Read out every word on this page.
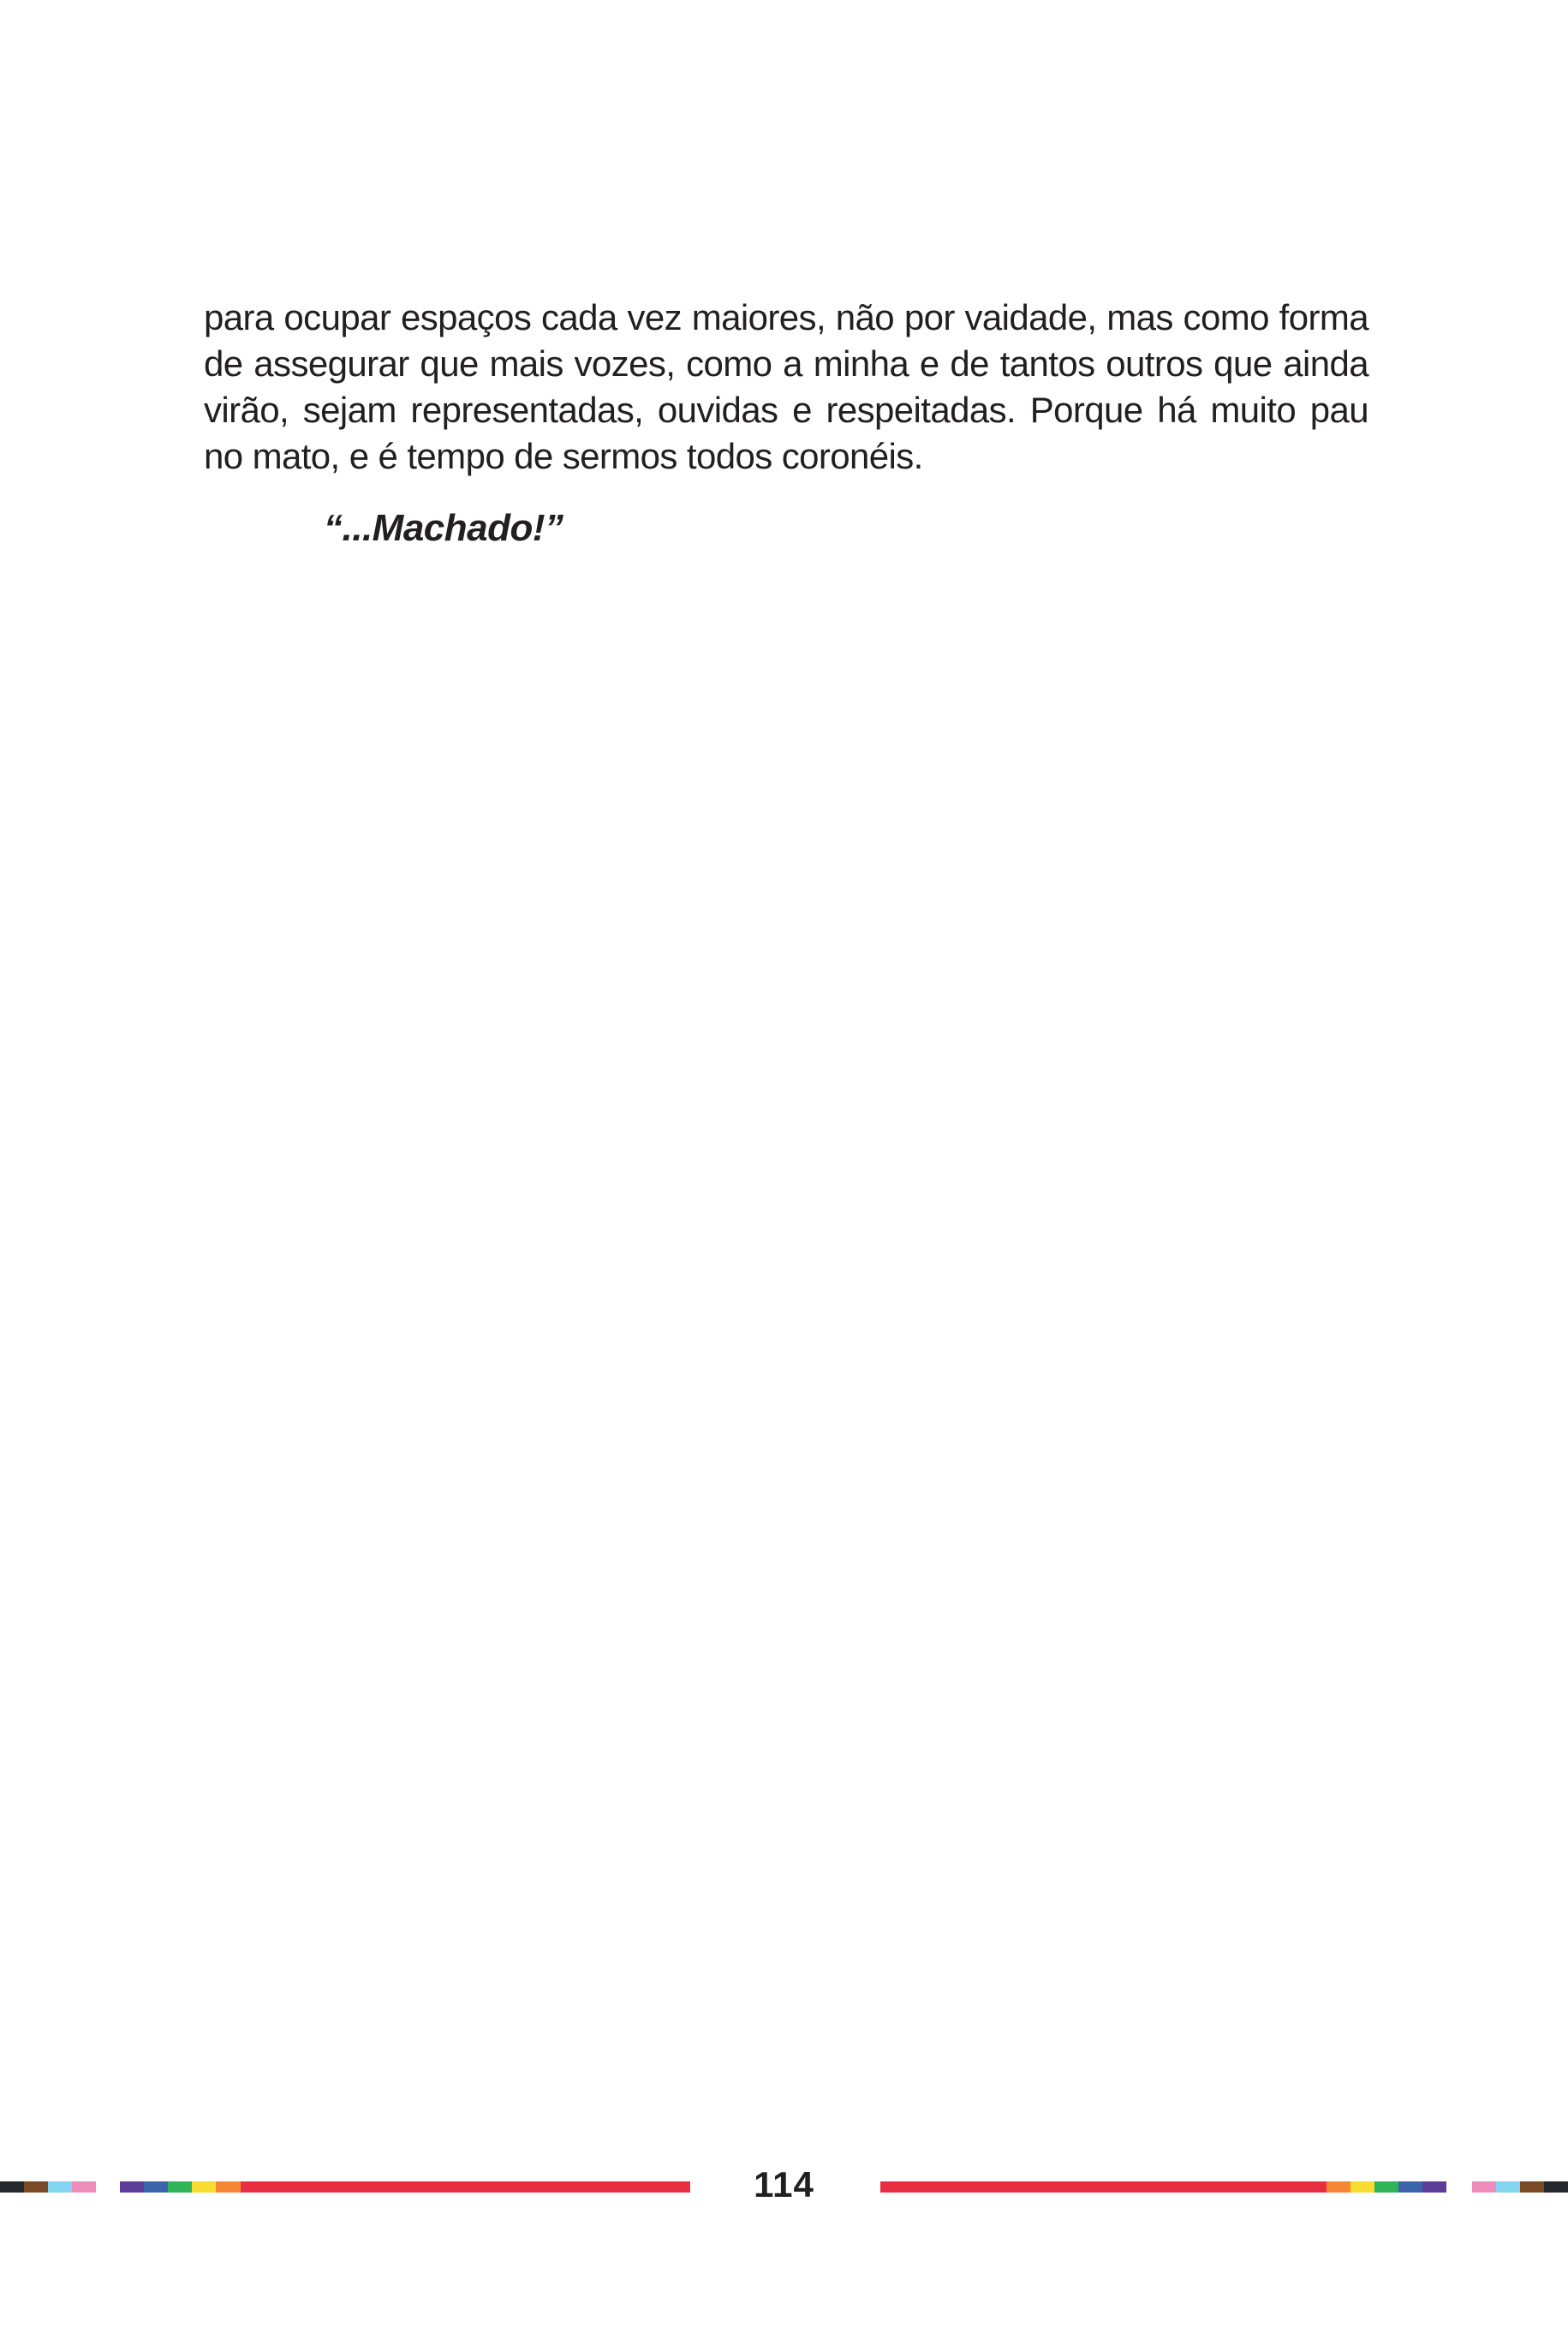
para ocupar espaços cada vez maiores, não por vaidade, mas como forma de assegurar que mais vozes, como a minha e de tantos outros que ainda virão, sejam representadas, ouvidas e respeitadas. Porque há muito pau no mato, e é tempo de sermos todos coronéis.

“...Machado!”

114
